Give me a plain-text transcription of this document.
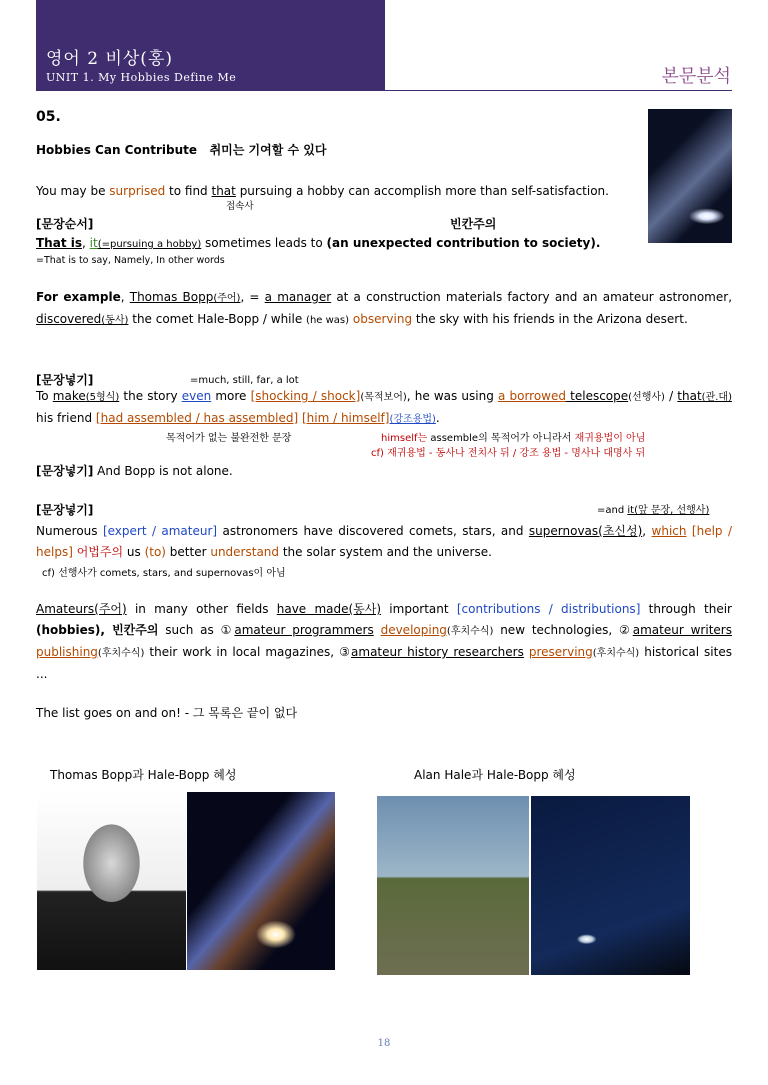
영어 2 비상(홍)
UNIT 1. My Hobbies Define Me	본문분석
05.
Hobbies Can Contribute 취미는 기여할 수 있다
You may be surprised to find that pursuing a hobby can accomplish more than self-satisfaction.
접속사
[문장순서]	빈칸주의
That is, it(=pursuing a hobby) sometimes leads to (an unexpected contribution to society).
=That is to say, Namely, In other words
For example, Thomas Bopp(주어), = a manager at a construction materials factory and an amateur astronomer, discovered(동사) the comet Hale-Bopp / while (he was) observing the sky with his friends in the Arizona desert.
[문장넣기]	=much, still, far, a lot
To make(5형식) the story even more [shocking / shock](목적보어), he was using a borrowed telescope(선행사) / that(관.대) his friend [had assembled / has assembled] [him / himself](강조용법).
목적어가 없는 불완전한 문장	himself는 assemble의 목적어가 아니라서 재귀용법이 아님
cf) 재귀용법 - 동사나 전치사 뒤 / 강조 용법 - 명사나 대명사 뒤
[문장넣기] And Bopp is not alone.
[문장넣기]	=and it(앞 문장, 선행사)
Numerous [expert / amateur] astronomers have discovered comets, stars, and supernovas(초신성), which [help / helps] 어법주의 us (to) better understand the solar system and the universe.
cf) 선행사가 comets, stars, and supernovas이 아님
Amateurs(주어) in many other fields have made(동사) important [contributions / distributions] through their (hobbies), 빈칸주의 such as ①amateur programmers developing(후치수식) new technologies, ②amateur writers publishing(후치수식) their work in local magazines, ③amateur history researchers preserving(후치수식) historical sites ...
The list goes on and on! - 그 목록은 끝이 없다
Thomas Bopp과 Hale-Bopp 혜성	Alan Hale과 Hale-Bopp 혜성
18
